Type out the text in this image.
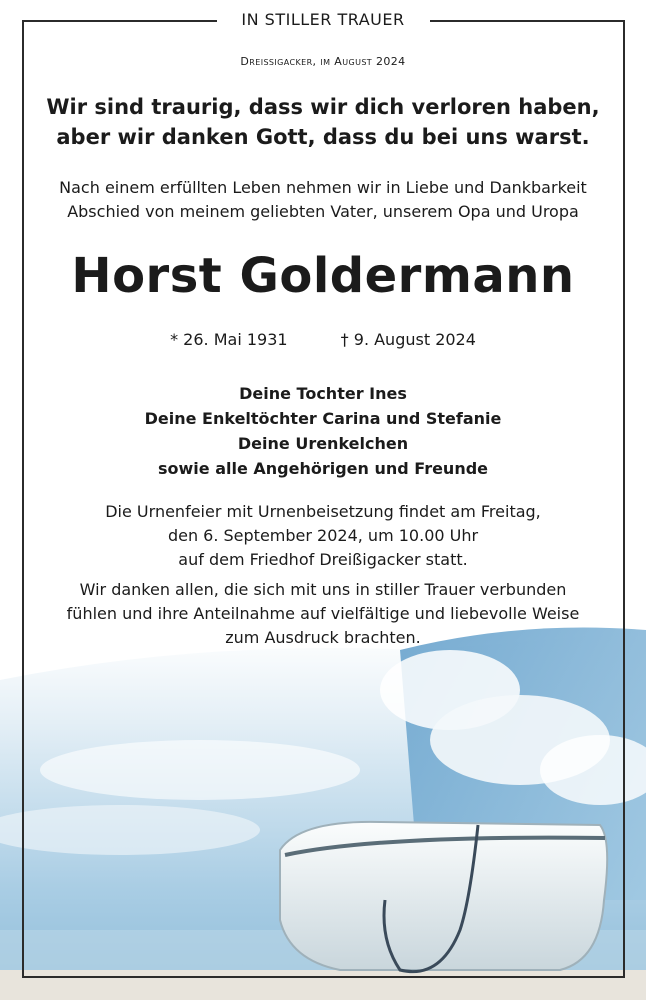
IN STILLER TRAUER
Dreissigacker, im August 2024
Wir sind traurig, dass wir dich verloren haben,
aber wir danken Gott, dass du bei uns warst.
Nach einem erfüllten Leben nehmen wir in Liebe und Dankbarkeit
Abschied von meinem geliebten Vater, unserem Opa und Uropa
Horst Goldermann
* 26. Mai 1931	† 9. August 2024
Deine Tochter Ines
Deine Enkeltöchter Carina und Stefanie
Deine Urenkelchen
sowie alle Angehörigen und Freunde
Die Urnenfeier mit Urnenbeisetzung findet am Freitag,
den 6. September 2024, um 10.00 Uhr
auf dem Friedhof Dreißigacker statt.
Wir danken allen, die sich mit uns in stiller Trauer verbunden
fühlen und ihre Anteilnahme auf vielfältige und liebevolle Weise
zum Ausdruck brachten.
